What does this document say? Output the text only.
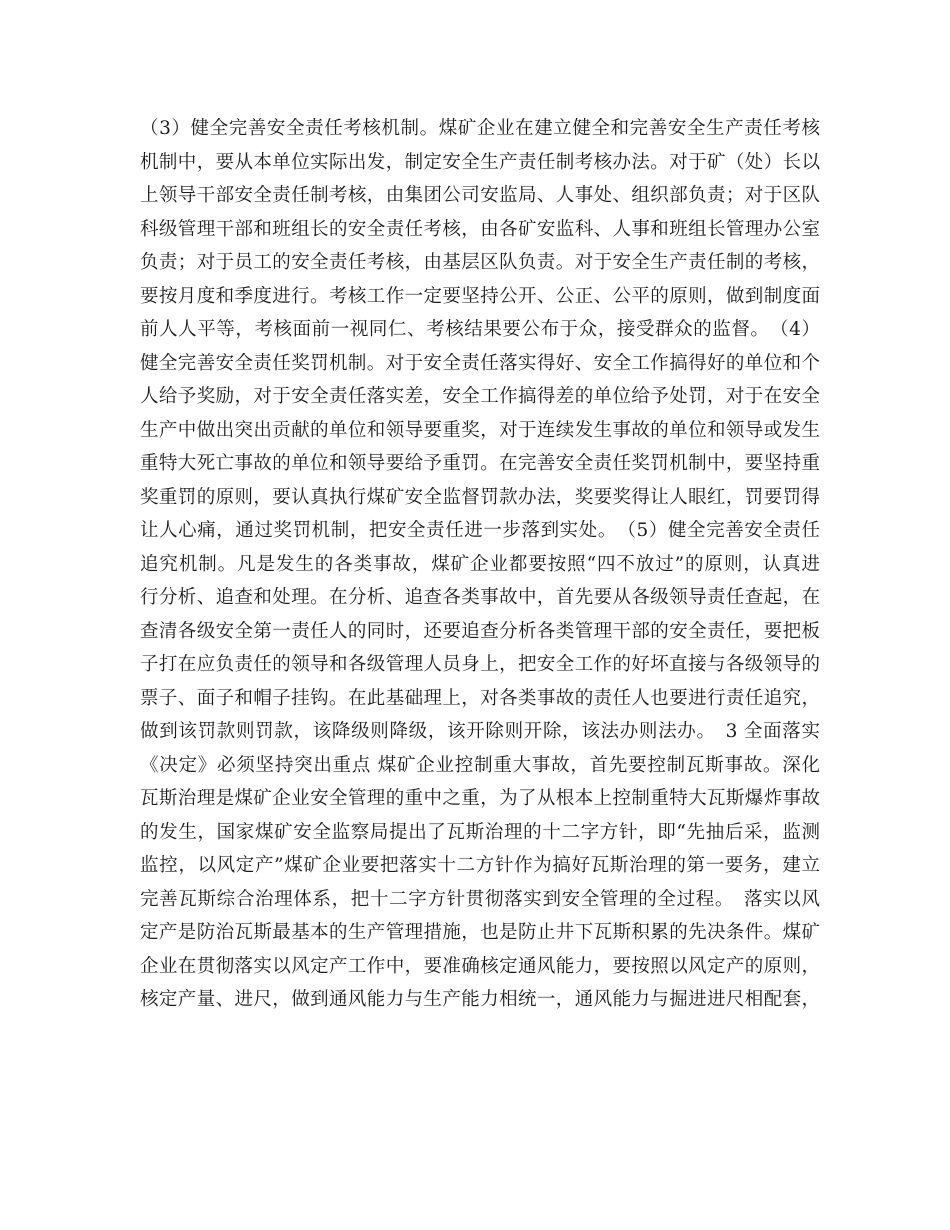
（3）健全完善安全责任考核机制。煤矿企业在建立健全和完善安全生产责任考核
机制中，要从本单位实际出发，制定安全生产责任制考核办法。对于矿（处）长以
上领导干部安全责任制考核，由集团公司安监局、人事处、组织部负责；对于区队
科级管理干部和班组长的安全责任考核，由各矿安监科、人事和班组长管理办公室
负责；对于员工的安全责任考核，由基层区队负责。对于安全生产责任制的考核，
要按月度和季度进行。考核工作一定要坚持公开、公正、公平的原则，做到制度面
前人人平等，考核面前一视同仁、考核结果要公布于众，接受群众的监督。　（4）
健全完善安全责任奖罚机制。对于安全责任落实得好、安全工作搞得好的单位和个
人给予奖励，对于安全责任落实差，安全工作搞得差的单位给予处罚，对于在安全
生产中做出突出贡献的单位和领导要重奖，对于连续发生事故的单位和领导或发生
重特大死亡事故的单位和领导要给予重罚。在完善安全责任奖罚机制中，要坚持重
奖重罚的原则，要认真执行煤矿安全监督罚款办法，奖要奖得让人眼红，罚要罚得
让人心痛，通过奖罚机制，把安全责任进一步落到实处。　（5）健全完善安全责任
追究机制。凡是发生的各类事故，煤矿企业都要按照“四不放过”的原则，认真进
行分析、追查和处理。在分析、追查各类事故中，首先要从各级领导责任查起，在
查清各级安全第一责任人的同时，还要追查分析各类管理干部的安全责任，要把板
子打在应负责任的领导和各级管理人员身上，把安全工作的好坏直接与各级领导的
票子、面子和帽子挂钩。在此基础理上，对各类事故的责任人也要进行责任追究，
做到该罚款则罚款，该降级则降级，该开除则开除，该法办则法办。　3 全面落实
《决定》必须坚持突出重点 煤矿企业控制重大事故，首先要控制瓦斯事故。深化
瓦斯治理是煤矿企业安全管理的重中之重，为了从根本上控制重特大瓦斯爆炸事故
的发生，国家煤矿安全监察局提出了瓦斯治理的十二字方针，即“先抽后采，监测
监控，以风定产”煤矿企业要把落实十二方针作为搞好瓦斯治理的第一要务，建立
完善瓦斯综合治理体系，把十二字方针贯彻落实到安全管理的全过程。　落实以风
定产是防治瓦斯最基本的生产管理措施，也是防止井下瓦斯积累的先决条件。煤矿
企业在贯彻落实以风定产工作中，要准确核定通风能力，要按照以风定产的原则，
核定产量、进尺，做到通风能力与生产能力相统一，通风能力与掘进进尺相配套，
